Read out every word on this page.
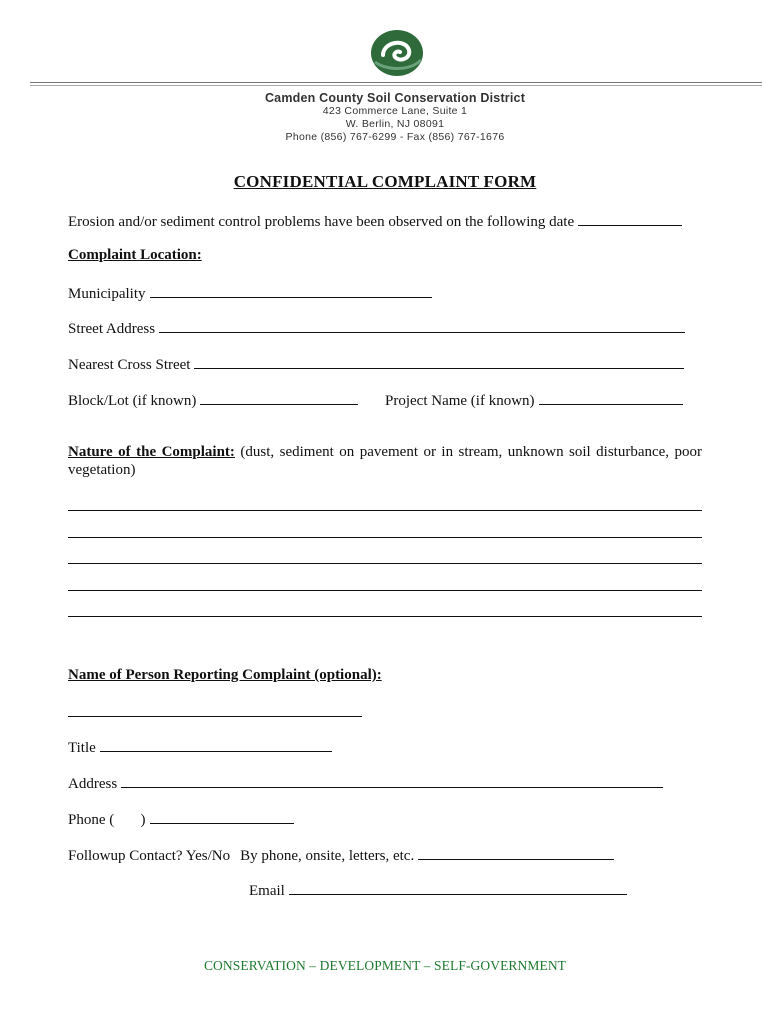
Camden County Soil Conservation District
423 Commerce Lane, Suite 1
W. Berlin, NJ 08091
Phone (856) 767-6299 - Fax (856) 767-1676
CONFIDENTIAL COMPLAINT FORM
Erosion and/or sediment control problems have been observed on the following date
Complaint Location:
Municipality
Street Address
Nearest Cross Street
Block/Lot (if known)	Project Name (if known)
Nature of the Complaint: (dust, sediment on pavement or in stream, unknown soil disturbance, poor vegetation)
Name of Person Reporting Complaint (optional):
Title
Address
Phone (       )
Followup Contact? Yes/No By phone, onsite, letters, etc.
Email
CONSERVATION – DEVELOPMENT – SELF-GOVERNMENT
